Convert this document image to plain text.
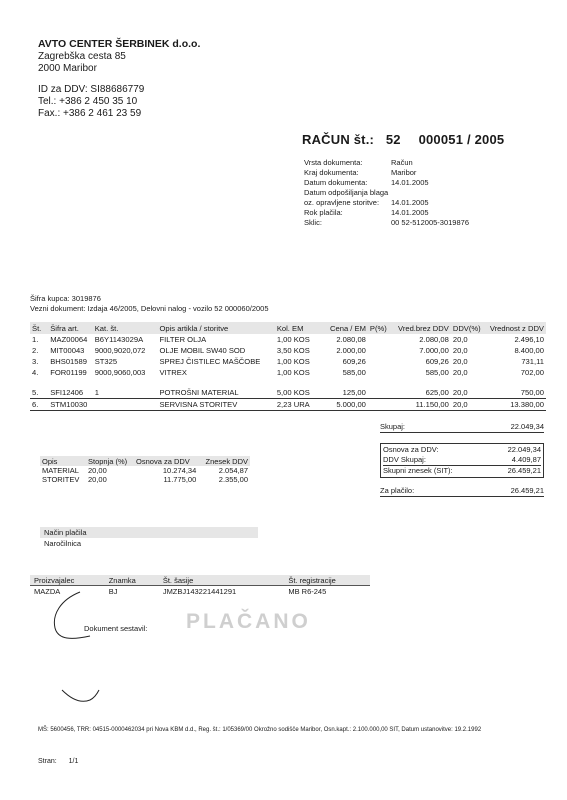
AVTO CENTER ŠERBINEK d.o.o.
Zagrebška cesta 85
2000 Maribor
ID za DDV: SI88686779
Tel.: +386 2 450 35 10
Fax.: +386 2 461 23 59
RAČUN št.: 52 000051 / 2005
Vrsta dokumenta:	Račun
Kraj dokumenta:	Maribor
Datum dokumenta:	14.01.2005
Datum odpošiljanja blaga
oz. opravljene storitve:	14.01.2005
Rok plačila:	14.01.2005
Sklic:	00 52-512005-3019876
Šifra kupca: 3019876
Vezni dokument: Izdaja 46/2005, Delovni nalog - vozilo 52 000060/2005
Št.	Šifra art.	Kat. št.	Opis artikla / storitve	Kol. EM	Cena / EM	P(%)	Vred.brez DDV	DDV(%)	Vrednost z DDV
1.	MAZ00064	B6Y1143029A	FILTER OLJA	1,00 KOS	2.080,08		2.080,08	20,0	2.496,10
2.	MIT00043	9000,9020,072	OLJE MOBIL SW40 SOD	3,50 KOS	2.000,00		7.000,00	20,0	8.400,00
3.	BHS01589	ST325	SPREJ ČISTILEC MAŠČOBE	1,00 KOS	609,26		609,26	20,0	731,11
4.	FOR01199	9000,9060,003	VITREX	1,00 KOS	585,00		585,00	20,0	702,00

5.	SFI12406	1	POTROŠNI MATERIAL	5,00 KOS	125,00		625,00	20,0	750,00
6.	STM10030		SERVISNA STORITEV	2,23 URA	5.000,00		11.150,00	20,0	13.380,00
Skupaj:	22.049,34
Osnova za DDV:	22.049,34
DDV Skupaj:	4.409,87
Skupni znesek (SIT):	26.459,21
Za plačilo:	26.459,21
Opis	Stopnja (%)	Osnova za DDV	Znesek DDV
MATERIAL	20,00	10.274,34	2.054,87
STORITEV	20,00	11.775,00	2.355,00
Način plačila
Naročilnica
Proizvajalec	Znamka	Št. šasije	Št. registracije
MAZDA	BJ	JMZBJ143221441291	MB R6-245
Dokument sestavil: PLAČANO
MŠ: 5600456, TRR: 04515-0000462034 pri Nova KBM d.d., Reg. št.: 1/05369/00 Okrožno sodišče Maribor, Osn.kapt.: 2.100.000,00 SIT, Datum ustanovitve: 19.2.1992
Stran: 1/1
